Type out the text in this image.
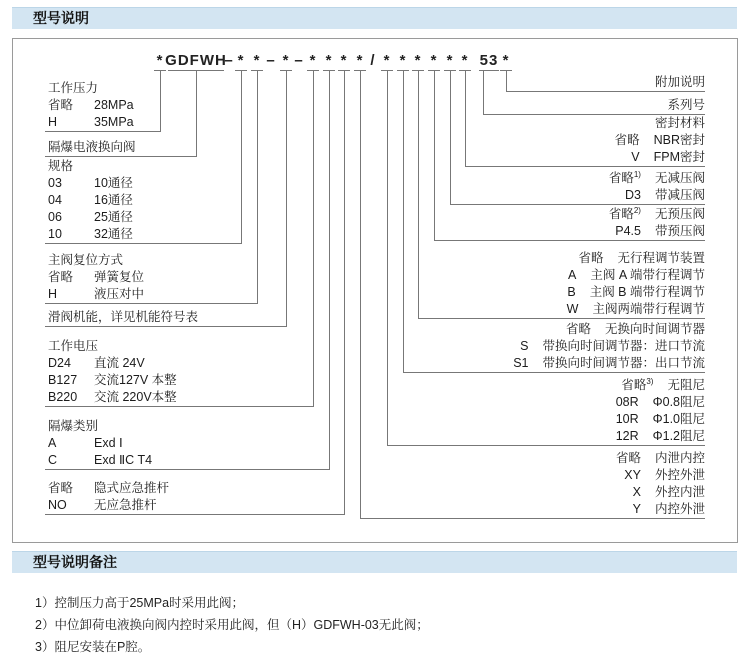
型号说明
* GDFWH
– * * – * – * * * * / * * * * * * 53 *
工作压力
省略	28MPa
H	35MPa
隔爆电液换向阀
规格
03	10通径
04	16通径
06	25通径
10	32通径
主阀复位方式
省略	弹簧复位
H	液压对中
滑阀机能，详见机能符号表
工作电压
D24	直流 24V
B127	交流127V 本整
B220	交流 220V本整
隔爆类别
A	Exd Ⅰ
C	Exd ⅡC T4
省略	隐式应急推杆
NO	无应急推杆
附加说明
系列号
密封材料
省略 NBR密封
V FPM密封
省略$^{1)}$ 无减压阀
D3 带减压阀
省略$^{2)}$ 无预压阀
P4.5 带预压阀
省略 无行程调节装置
A 主阀 A 端带行程调节
B 主阀 B 端带行程调节
W 主阀两端带行程调节
省略 无换向时间调节器
S 带换向时间调节器：进口节流
S1 带换向时间调节器：出口节流
省略$^{3)}$ 无阻尼
08R Φ0.8阻尼
10R Φ1.0阻尼
12R Φ1.2阻尼
省略 内泄内控
XY 外控外泄
X 外控内泄
Y 内控外泄
型号说明备注
1）控制压力高于25MPa时采用此阀；
2）中位卸荷电液换向阀内控时采用此阀，但（H）GDFWH-03无此阀；
3）阻尼安装在P腔。
